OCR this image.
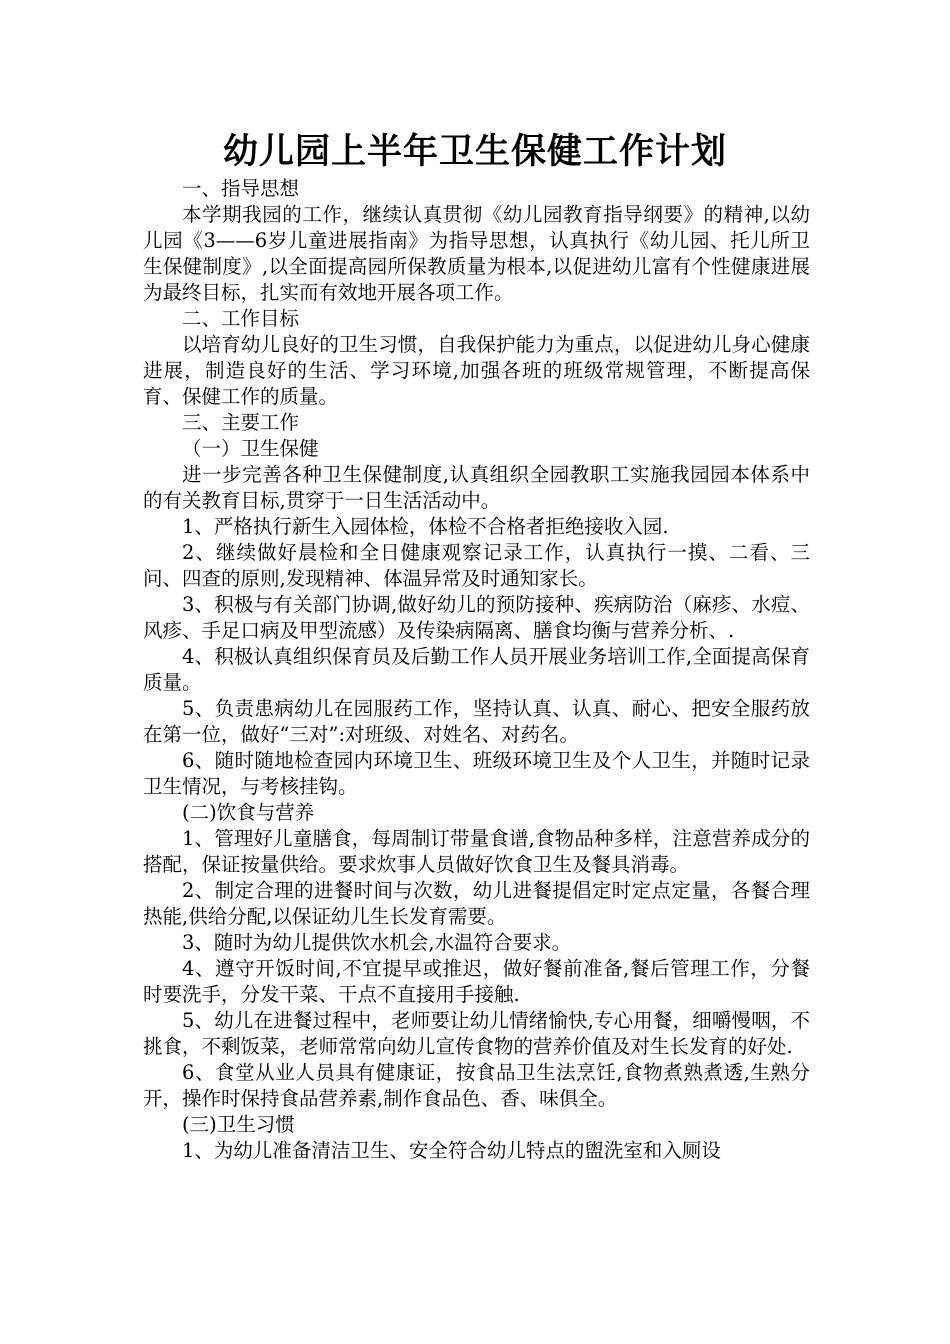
幼儿园上半年卫生保健工作计划

一、指导思想

本学期我园的工作，继续认真贯彻《幼儿园教育指导纲要》的精神,以幼儿园《3——6岁儿童进展指南》为指导思想，认真执行《幼儿园、托儿所卫生保健制度》,以全面提高园所保教质量为根本,以促进幼儿富有个性健康进展为最终目标，扎实而有效地开展各项工作。

二、工作目标

以培育幼儿良好的卫生习惯，自我保护能力为重点，以促进幼儿身心健康进展，制造良好的生活、学习环境,加强各班的班级常规管理，不断提高保育、保健工作的质量。

三、主要工作

（一）卫生保健

进一步完善各种卫生保健制度,认真组织全园教职工实施我园园本体系中的有关教育目标,贯穿于一日生活活动中。

1、严格执行新生入园体检，体检不合格者拒绝接收入园.

2、继续做好晨检和全日健康观察记录工作，认真执行一摸、二看、三问、四查的原则,发现精神、体温异常及时通知家长。

3、积极与有关部门协调,做好幼儿的预防接种、疾病防治（麻疹、水痘、风疹、手足口病及甲型流感）及传染病隔离、膳食均衡与营养分析、.

4、积极认真组织保育员及后勤工作人员开展业务培训工作,全面提高保育质量。

5、负责患病幼儿在园服药工作，坚持认真、认真、耐心、把安全服药放在第一位，做好“三对”:对班级、对姓名、对药名。

6、随时随地检查园内环境卫生、班级环境卫生及个人卫生，并随时记录卫生情况，与考核挂钩。

(二)饮食与营养

1、管理好儿童膳食，每周制订带量食谱,食物品种多样，注意营养成分的搭配，保证按量供给。要求炊事人员做好饮食卫生及餐具消毒。

2、制定合理的进餐时间与次数，幼儿进餐提倡定时定点定量，各餐合理热能,供给分配,以保证幼儿生长发育需要。

3、随时为幼儿提供饮水机会,水温符合要求。

4、遵守开饭时间,不宜提早或推迟，做好餐前准备,餐后管理工作，分餐时要洗手，分发干菜、干点不直接用手接触.

5、幼儿在进餐过程中，老师要让幼儿情绪愉快,专心用餐，细嚼慢咽，不挑食，不剩饭菜，老师常常向幼儿宣传食物的营养价值及对生长发育的好处.

6、食堂从业人员具有健康证，按食品卫生法烹饪,食物煮熟煮透,生熟分开，操作时保持食品营养素,制作食品色、香、味俱全。

(三)卫生习惯

1、为幼儿准备清洁卫生、安全符合幼儿特点的盥洗室和入厕设
